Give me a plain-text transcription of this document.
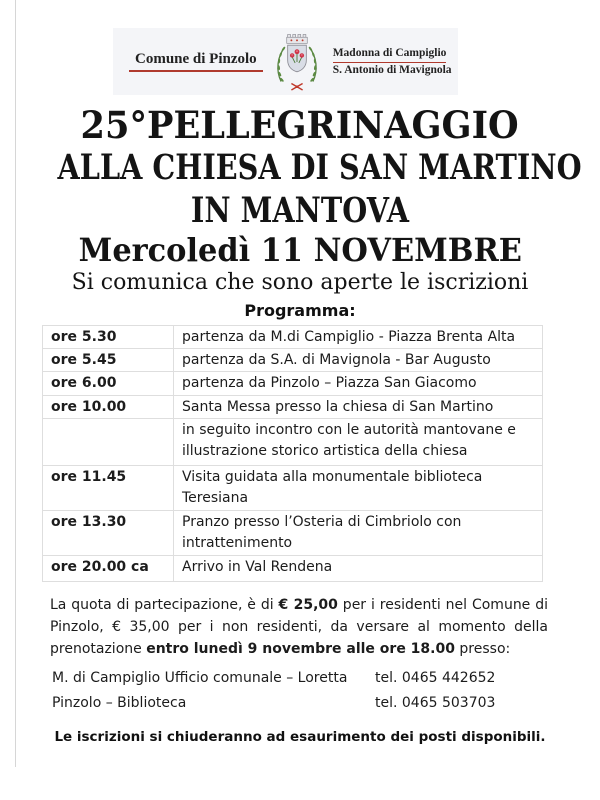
Comune di Pinzolo	Madonna di Campiglio
S. Antonio di Mavignola
25°PELLEGRINAGGIO
ALLA CHIESA DI SAN MARTINO
IN MANTOVA
Mercoledì 11 NOVEMBRE
Si comunica che sono aperte le iscrizioni
Programma:
ore 5.30	partenza da M.di Campiglio - Piazza Brenta Alta

ore 5.45	partenza da S.A. di Mavignola - Bar Augusto

ore 6.00	partenza da Pinzolo – Piazza San Giacomo

ore 10.00	Santa Messa presso la chiesa di San Martino

	in seguito incontro con le autorità mantovane e
illustrazione storico artistica della chiesa

ore 11.45	Visita guidata alla monumentale biblioteca
Teresiana

ore 13.30	Pranzo presso l’Osteria di Cimbriolo con
intrattenimento

ore 20.00 ca	Arrivo in Val Rendena
La quota di partecipazione, è di € 25,00 per i residenti nel Comune di Pinzolo, € 35,00 per i non residenti, da versare al momento della prenotazione entro lunedì 9 novembre alle ore 18.00 presso:
M. di Campiglio Ufficio comunale – Loretta tel. 0465 442652
Pinzolo – Biblioteca	tel. 0465 503703
Le iscrizioni si chiuderanno ad esaurimento dei posti disponibili.
